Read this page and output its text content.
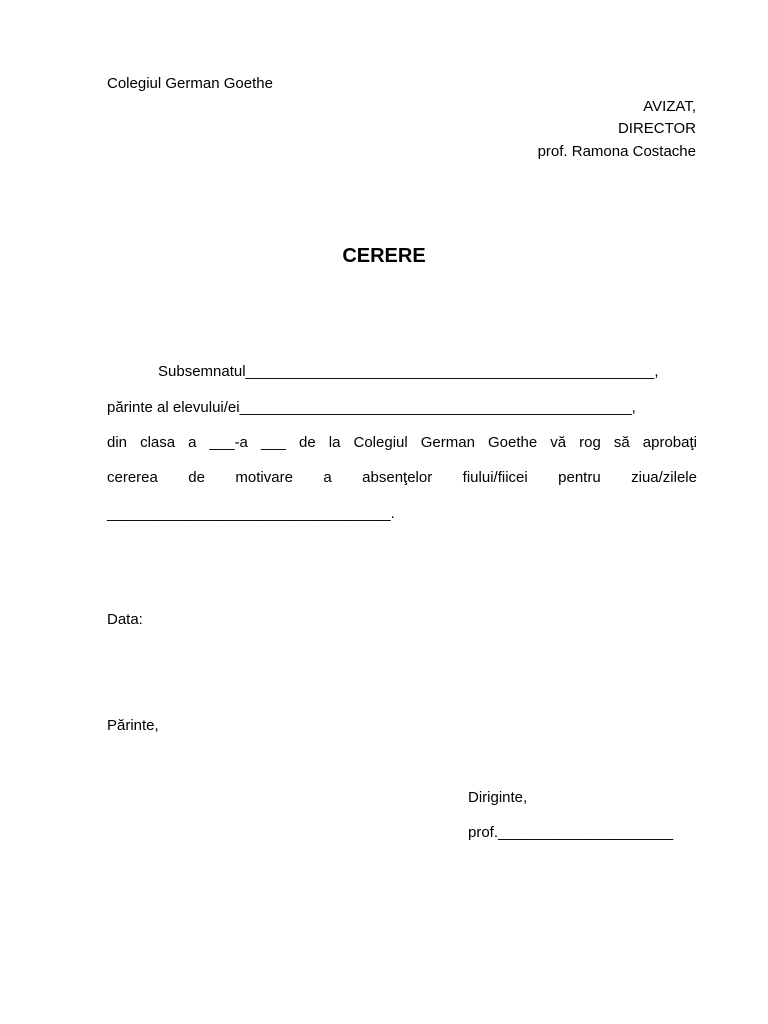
Colegiul German Goethe
AVIZAT,
DIRECTOR
prof. Ramona Costache
CERERE
Subsemnatul_________________________________________________,
părinte al elevului/ei_______________________________________________,
din clasa a ___-a ___ de la Colegiul German Goethe vă rog să aprobaţi
cererea de motivare a absenţelor fiului/fiicei pentru ziua/zilele
__________________________________.
Data:
Părinte,
Diriginte,
prof._____________________
